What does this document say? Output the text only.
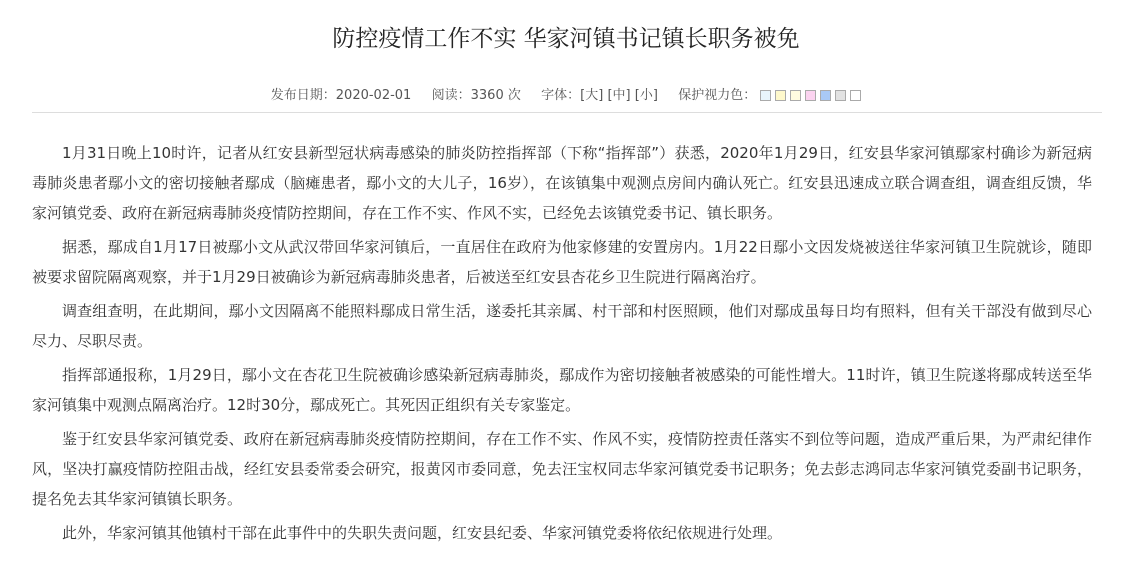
防控疫情工作不实 华家河镇书记镇长职务被免
发布日期：2020-02-01 阅读：3360 次 字体：[大] [中] [小] 保护视力色：

1月31日晚上10时许，记者从红安县新型冠状病毒感染的肺炎防控指挥部（下称“指挥部”）获悉，2020年1月29日，红安县华家河镇鄢家村确诊为新冠病毒肺炎患者鄢小文的密切接触者鄢成（脑瘫患者，鄢小文的大儿子，16岁），在该镇集中观测点房间内确认死亡。红安县迅速成立联合调查组，调查组反馈，华家河镇党委、政府在新冠病毒肺炎疫情防控期间，存在工作不实、作风不实，已经免去该镇党委书记、镇长职务。

据悉，鄢成自1月17日被鄢小文从武汉带回华家河镇后，一直居住在政府为他家修建的安置房内。1月22日鄢小文因发烧被送往华家河镇卫生院就诊，随即被要求留院隔离观察，并于1月29日被确诊为新冠病毒肺炎患者，后被送至红安县杏花乡卫生院进行隔离治疗。

调查组查明，在此期间，鄢小文因隔离不能照料鄢成日常生活，遂委托其亲属、村干部和村医照顾，他们对鄢成虽每日均有照料，但有关干部没有做到尽心尽力、尽职尽责。

指挥部通报称，1月29日，鄢小文在杏花卫生院被确诊感染新冠病毒肺炎，鄢成作为密切接触者被感染的可能性增大。11时许，镇卫生院遂将鄢成转送至华家河镇集中观测点隔离治疗。12时30分，鄢成死亡。其死因正组织有关专家鉴定。

鉴于红安县华家河镇党委、政府在新冠病毒肺炎疫情防控期间，存在工作不实、作风不实，疫情防控责任落实不到位等问题，造成严重后果，为严肃纪律作风，坚决打赢疫情防控阻击战，经红安县委常委会研究，报黄冈市委同意，免去汪宝权同志华家河镇党委书记职务；免去彭志鸿同志华家河镇党委副书记职务，提名免去其华家河镇镇长职务。

此外，华家河镇其他镇村干部在此事件中的失职失责问题，红安县纪委、华家河镇党委将依纪依规进行处理。
